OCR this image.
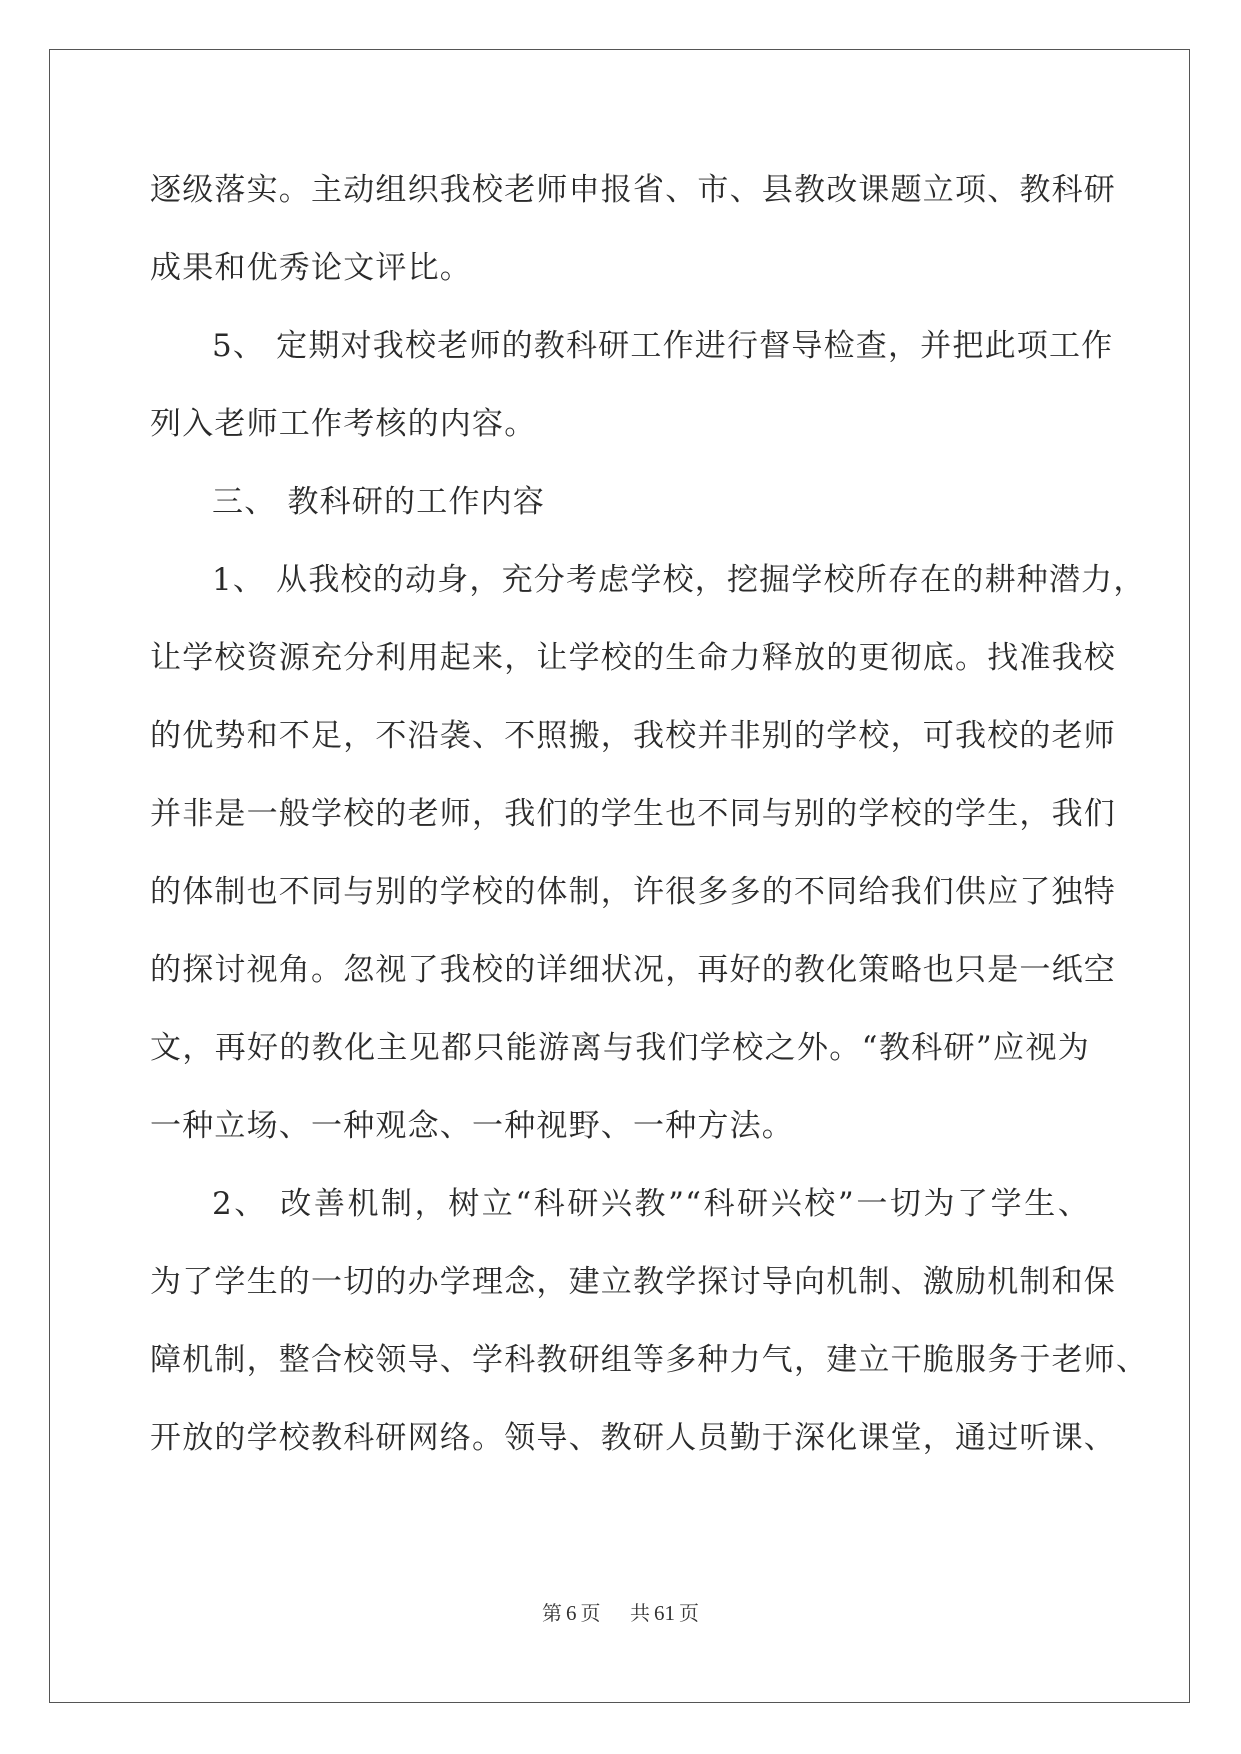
逐级落实。主动组织我校老师申报省、市、县教改课题立项、教科研
成果和优秀论文评比。
5、 定期对我校老师的教科研工作进行督导检查，并把此项工作
列入老师工作考核的内容。
三、 教科研的工作内容
1、 从我校的动身，充分考虑学校，挖掘学校所存在的耕种潜力，
让学校资源充分利用起来，让学校的生命力释放的更彻底。找准我校
的优势和不足，不沿袭、不照搬，我校并非别的学校，可我校的老师
并非是一般学校的老师，我们的学生也不同与别的学校的学生，我们
的体制也不同与别的学校的体制，许很多多的不同给我们供应了独特
的探讨视角。忽视了我校的详细状况，再好的教化策略也只是一纸空
文，再好的教化主见都只能游离与我们学校之外。“教科研”应视为
一种立场、一种观念、一种视野、一种方法。
2、 改善机制，树立“科研兴教”“科研兴校”一切为了学生、
为了学生的一切的办学理念，建立教学探讨导向机制、激励机制和保
障机制，整合校领导、学科教研组等多种力气，建立干脆服务于老师、
开放的学校教科研网络。领导、教研人员勤于深化课堂，通过听课、
第 6 页 共 61 页
